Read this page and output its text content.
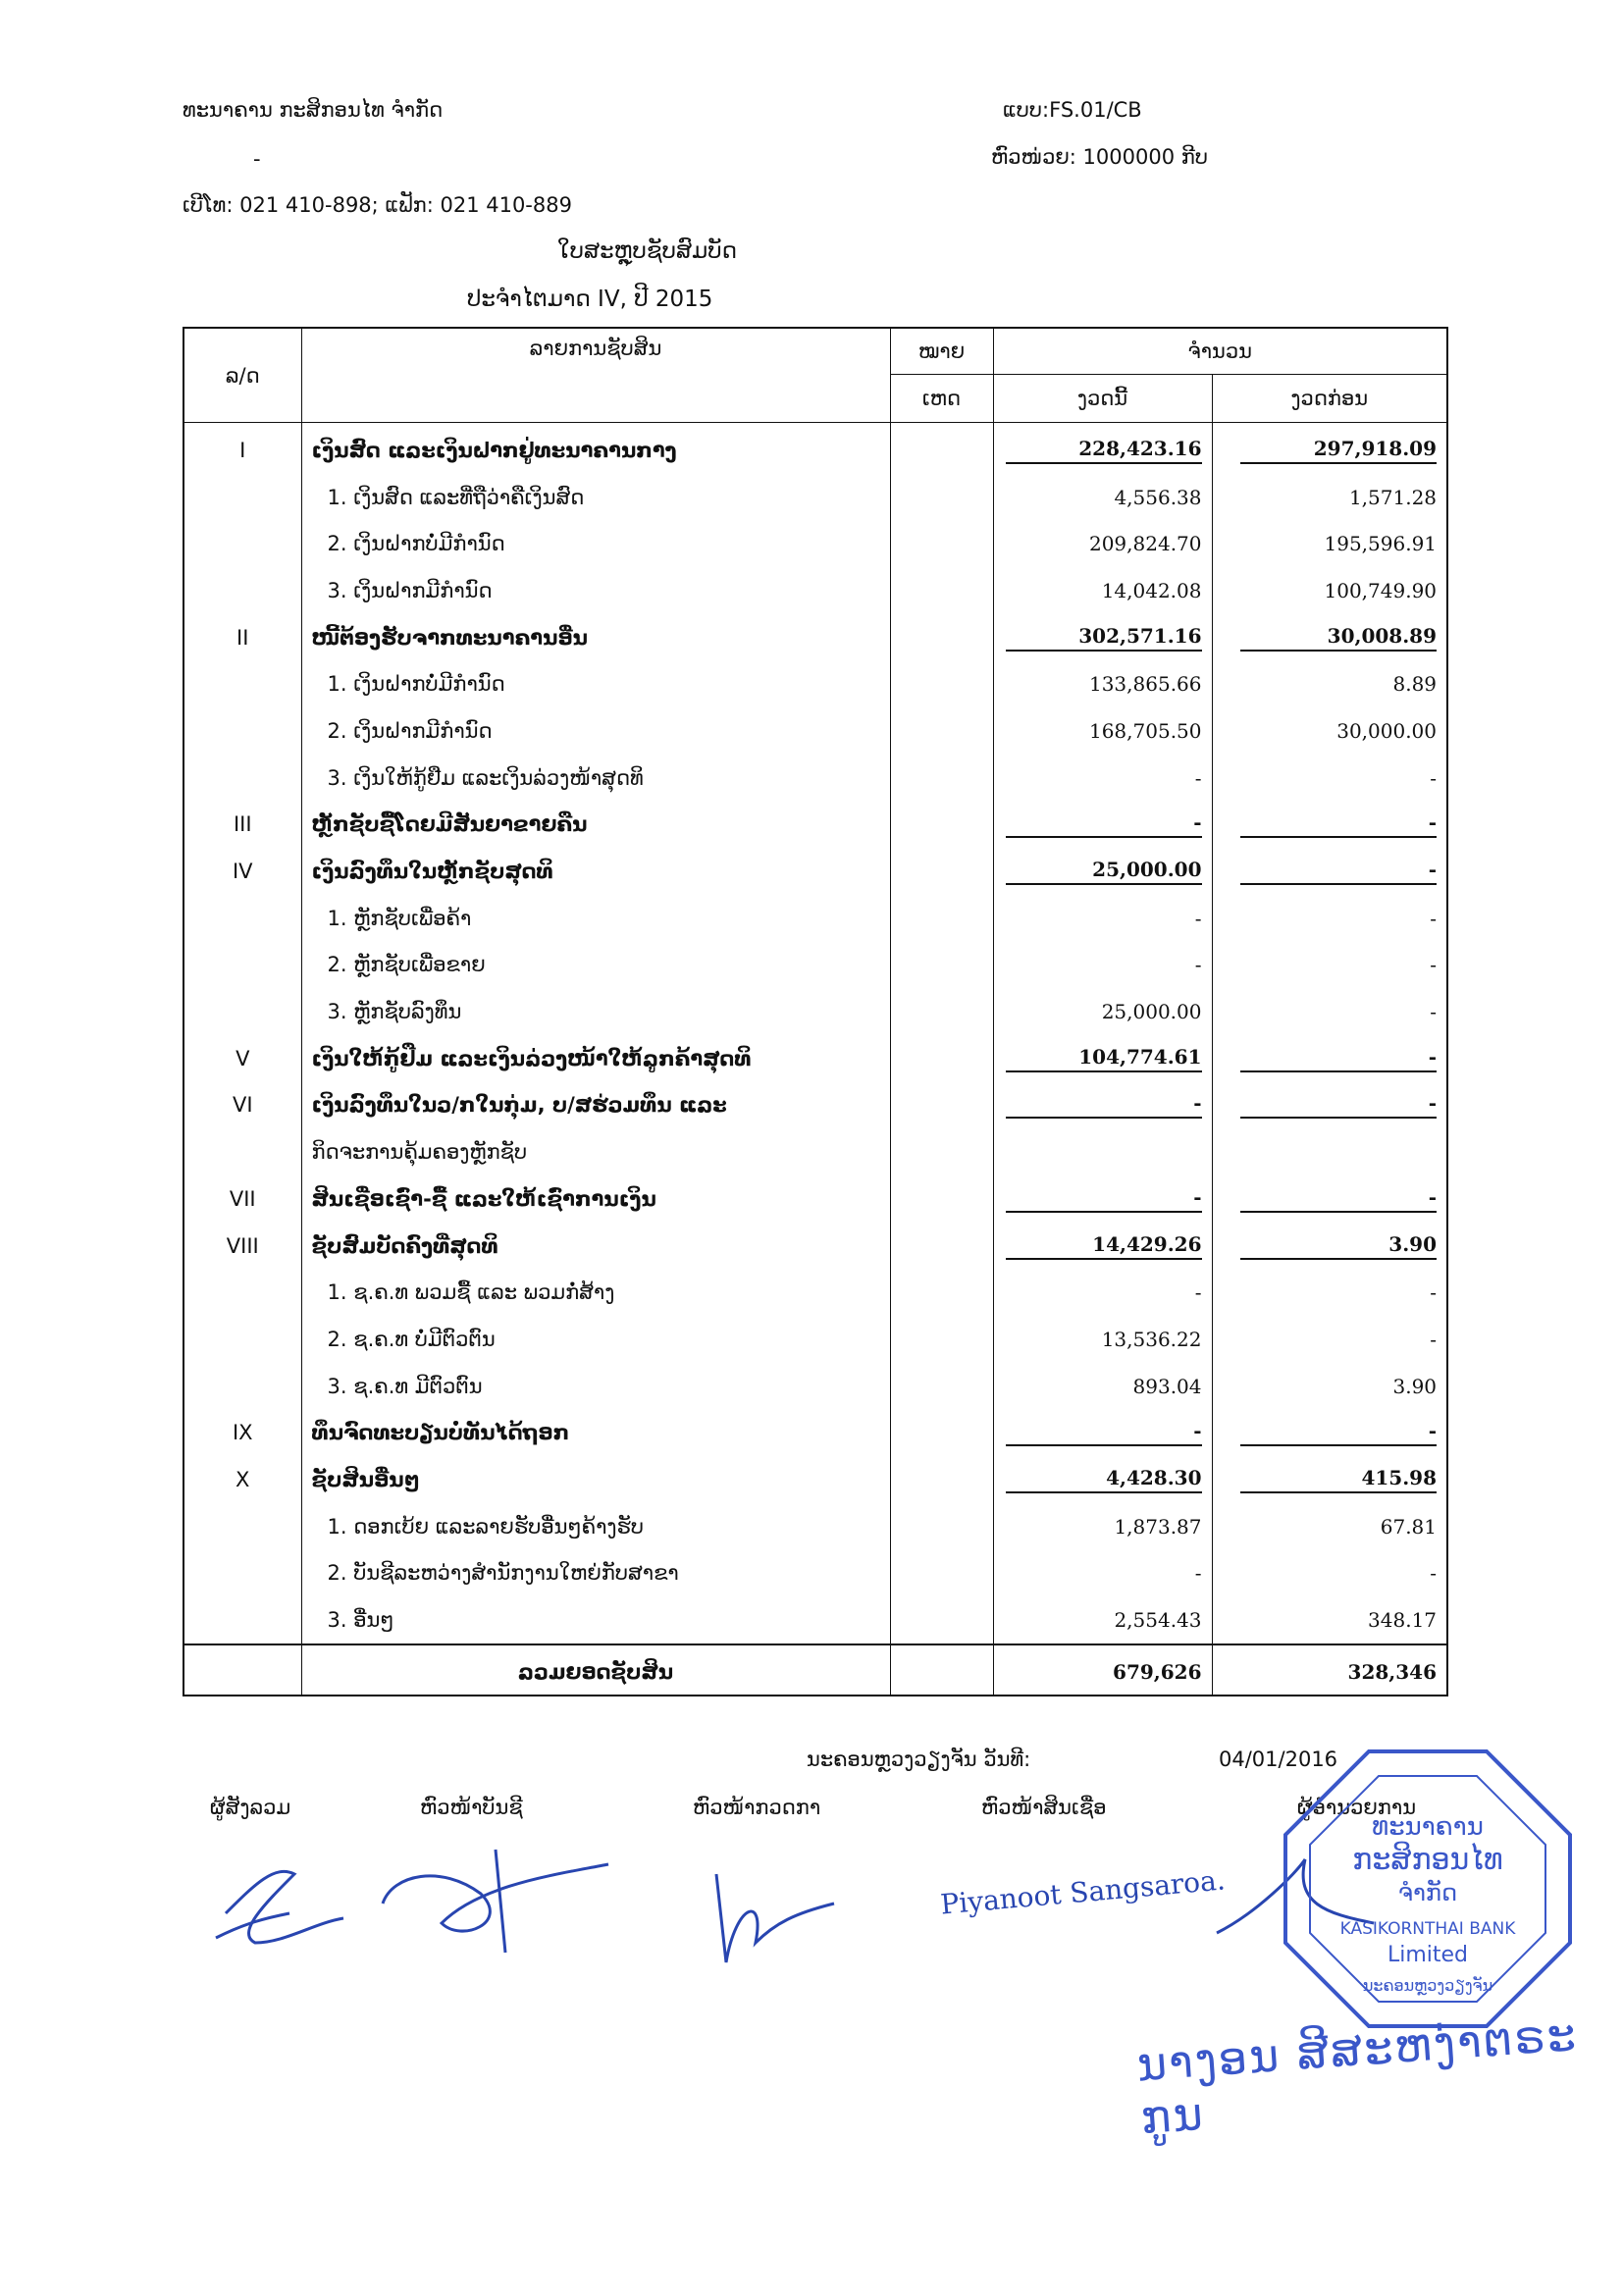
ທະນາຄານ ກະສິກອນໄທ ຈຳກັດ
-
ເບີໂທ: 021 410-898; ແຟັກ: 021 410-889
ແບບ:FS.01/CB
ຫົວໜ່ວຍ: 1000000 ກີບ
ໃບສະຫຼຸບຊັບສົມບັດ
ປະຈຳໄຕມາດ IV, ປີ 2015
ລ/ດ	ລາຍການຊັບສິນ	ໝາຍ	ຈຳນວນ	
		ເຫດ	ງວດນີ້	ງວດກ່ອນ
I	ເງິນສົດ ແລະເງິນຝາກຢູ່ທະນາຄານກາງ		228,423.16	297,918.09
	1. ເງິນສົດ ແລະທີ່ຖືວ່າຄືເງິນສົດ		4,556.38	1,571.28
	2. ເງິນຝາກບໍ່ມີກຳນົດ		209,824.70	195,596.91
	3. ເງິນຝາກມີກຳນົດ		14,042.08	100,749.90
II	ໜີ້ຕ້ອງຮັບຈາກທະນາຄານອື່ນ		302,571.16	30,008.89
	1. ເງິນຝາກບໍ່ມີກຳນົດ		133,865.66	8.89
	2. ເງິນຝາກມີກຳນົດ		168,705.50	30,000.00
	3. ເງິນໃຫ້ກູ້ຢືມ ແລະເງິນລ່ວງໜ້າສຸດທິ		-	-
III	ຫຼັກຊັບຊື້ໂດຍມີສັນຍາຂາຍຄືນ		-	-
IV	ເງິນລົງທຶນໃນຫຼັກຊັບສຸດທິ		25,000.00	-
	1. ຫຼັກຊັບເພື່ອຄ້າ		-	-
	2. ຫຼັກຊັບເພື່ອຂາຍ		-	-
	3. ຫຼັກຊັບລົງທຶນ		25,000.00	-
V	ເງິນໃຫ້ກູ້ຢືມ ແລະເງິນລ່ວງໜ້າໃຫ້ລູກຄ້າສຸດທິ		104,774.61	-
VI	ເງິນລົງທຶນໃນວ/ກໃນກຸ່ມ, ບ/ສຮ່ວມທຶນ ແລະ		-	-
	ກິດຈະການຄຸ້ມຄອງຫຼັກຊັບ			
VII	ສິນເຊື່ອເຊົ່າ-ຊື້ ແລະໃຫ້ເຊົ່າການເງິນ		-	-
VIII	ຊັບສົມບັດຄົງທີ່ສຸດທິ		14,429.26	3.90
	1. ຊ.ຄ.ທ ພວມຊື້ ແລະ ພວມກໍ່ສ້າງ		-	-
	2. ຊ.ຄ.ທ ບໍ່ມີຕົວຕົນ		13,536.22	-
	3. ຊ.ຄ.ທ ມີຕົວຕົນ		893.04	3.90
IX	ທຶນຈົດທະບຽນບໍ່ທັນໄດ້ຖອກ		-	-
X	ຊັບສິນອື່ນໆ		4,428.30	415.98
	1. ດອກເບ້ຍ ແລະລາຍຮັບອື່ນໆຄ້າງຮັບ		1,873.87	67.81
	2. ບັນຊີລະຫວ່າງສຳນັກງານໃຫຍ່ກັບສາຂາ		-	-
	3. ອື່ນໆ		2,554.43	348.17
	ລວມຍອດຊັບສິນ		679,626	328,346
ນະຄອນຫຼວງວຽງຈັນ ວັນທີ:	04/01/2016
ຜູ້ສັງລວມ	ຫົວໜ້າບັນຊີ	ຫົວໜ້າກວດກາ	ຫົວໜ້າສິນເຊື່ອ	ຜູ້ອຳນວຍການ
Piyanoot Sangsaroa.
ທະນາຄານ
ກະສິກອນໄທ
ຈຳກັດ
KASIKORNTHAI BANK
Limited
ນະຄອນຫຼວງວຽງຈັນ
ນາງອນ ສີສະຫງ່າຕຣະກູນ
